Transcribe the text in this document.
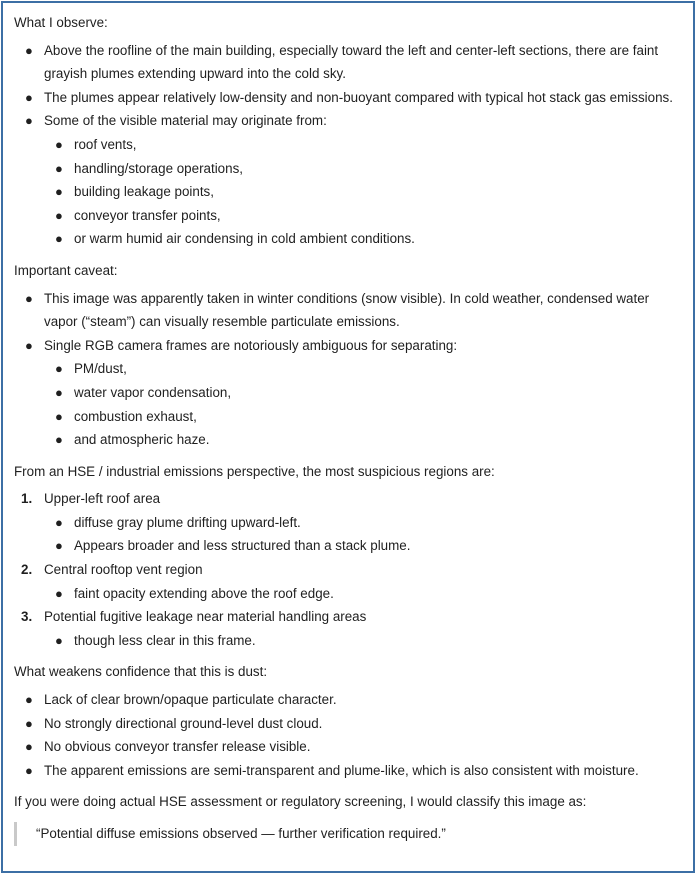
What I observe:

● Above the roofline of the main building, especially toward the left and center-left sections, there are faint grayish plumes extending upward into the cold sky.
● The plumes appear relatively low-density and non-buoyant compared with typical hot stack gas emissions.
● Some of the visible material may originate from:
● roof vents,
● handling/storage operations,
● building leakage points,
● conveyor transfer points,
● or warm humid air condensing in cold ambient conditions.

Important caveat:

● This image was apparently taken in winter conditions (snow visible). In cold weather, condensed water vapor (“steam”) can visually resemble particulate emissions.
● Single RGB camera frames are notoriously ambiguous for separating:
● PM/dust,
● water vapor condensation,
● combustion exhaust,
● and atmospheric haze.

From an HSE / industrial emissions perspective, the most suspicious regions are:

1. Upper-left roof area
● diffuse gray plume drifting upward-left.
● Appears broader and less structured than a stack plume.
2. Central rooftop vent region
● faint opacity extending above the roof edge.
3. Potential fugitive leakage near material handling areas
● though less clear in this frame.

What weakens confidence that this is dust:

● Lack of clear brown/opaque particulate character.
● No strongly directional ground-level dust cloud.
● No obvious conveyor transfer release visible.
● The apparent emissions are semi-transparent and plume-like, which is also consistent with moisture.

If you were doing actual HSE assessment or regulatory screening, I would classify this image as:

“Potential diffuse emissions observed — further verification required.”
